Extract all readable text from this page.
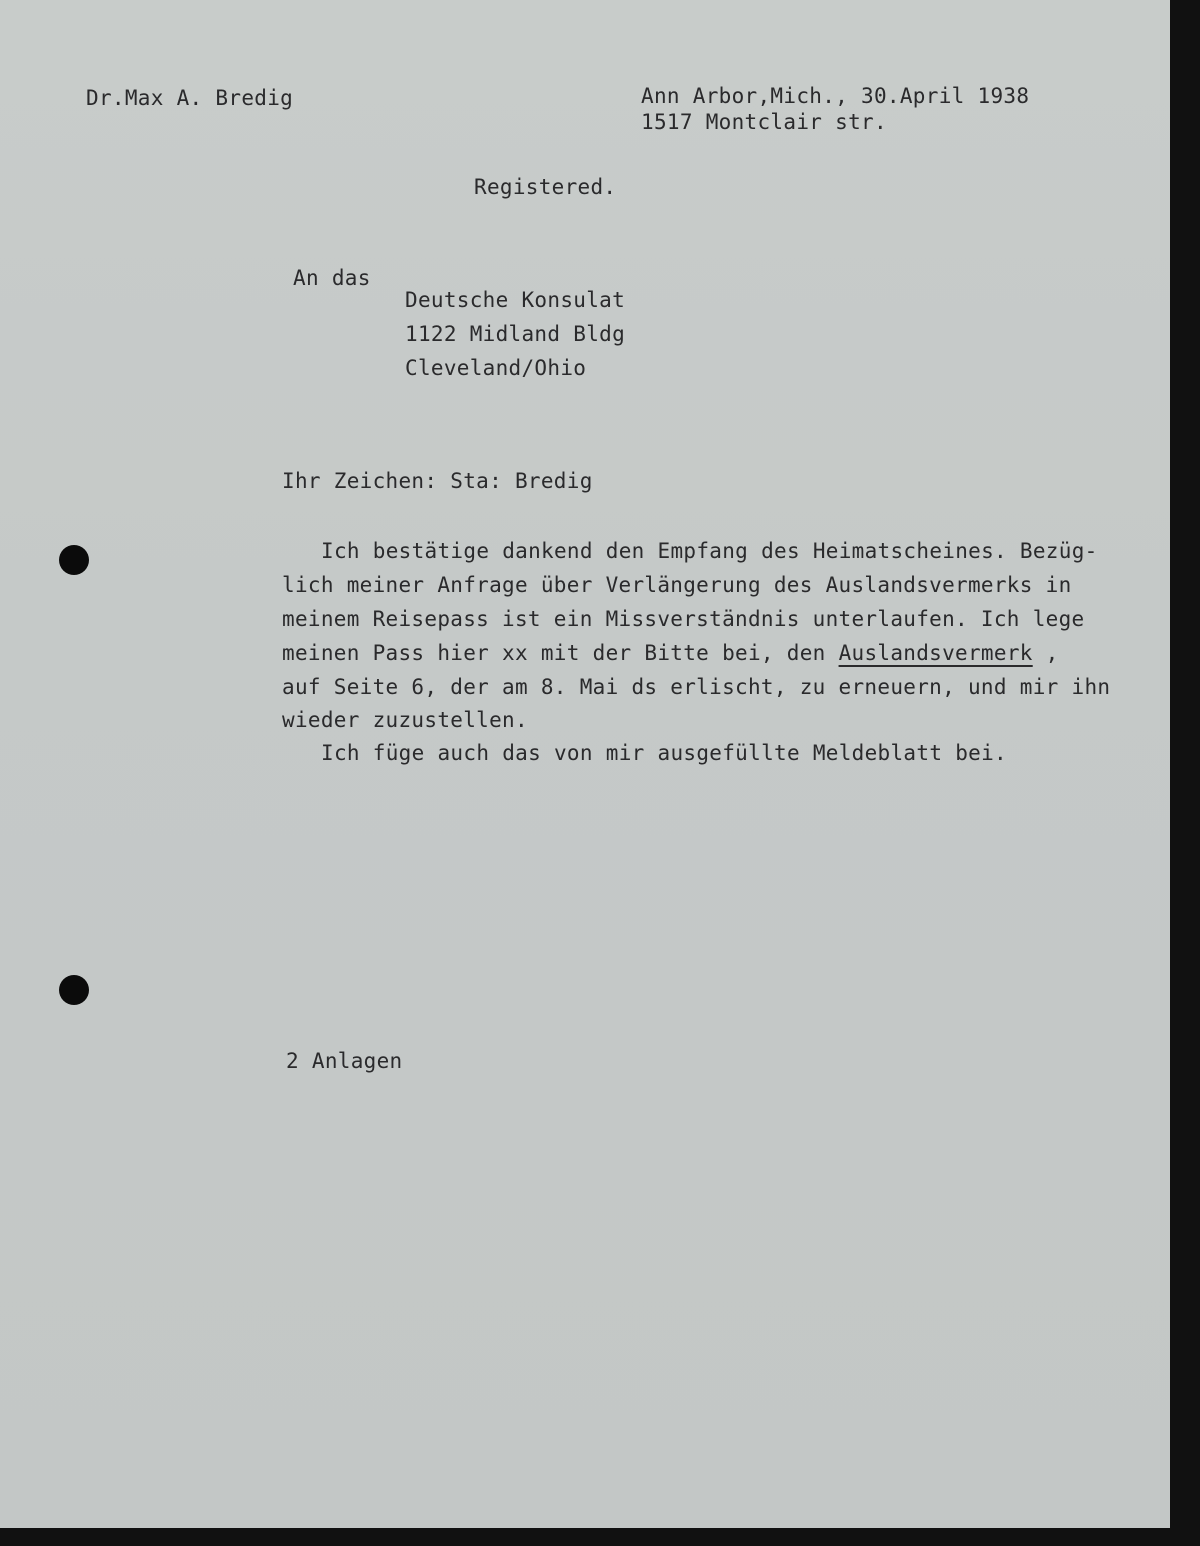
Dr.Max A. Bredig	Ann Arbor,Mich., 30.April 1938
1517 Montclair str.
Registered.
An das
Deutsche Konsulat
1122 Midland Bldg
Cleveland/Ohio
Ihr Zeichen: Sta: Bredig
Ich bestätige dankend den Empfang des Heimatscheines. Bezüg-
lich meiner Anfrage über Verlängerung des Auslandsvermerks in
meinem Reisepass ist ein Missverständnis unterlaufen. Ich lege
meinen Pass hier xx mit der Bitte bei, den Auslandsvermerk ,
auf Seite 6, der am 8. Mai ds erlischt, zu erneuern, und mir ihn
wieder zuzustellen.
Ich füge auch das von mir ausgefüllte Meldeblatt bei.
2 Anlagen
